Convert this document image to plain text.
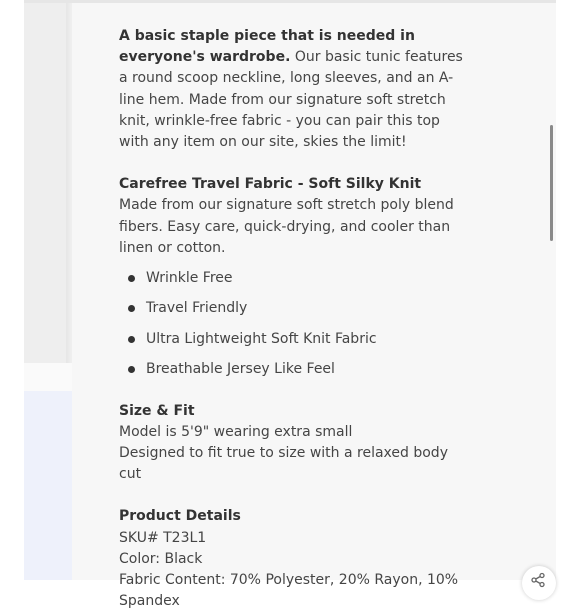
A basic staple piece that is needed in everyone's wardrobe. Our basic tunic features a round scoop neckline, long sleeves, and an A-line hem. Made from our signature soft stretch knit, wrinkle-free fabric - you can pair this top with any item on our site, skies the limit!

Carefree Travel Fabric - Soft Silky Knit

Made from our signature soft stretch poly blend fibers. Easy care, quick-drying, and cooler than linen or cotton.

Wrinkle Free
Travel Friendly
Ultra Lightweight Soft Knit Fabric
Breathable Jersey Like Feel
Size & Fit

Model is 5'9" wearing extra small

Designed to fit true to size with a relaxed body cut

Product Details

SKU# T23L1

Color: Black

Fabric Content: 70% Polyester, 20% Rayon, 10% Spandex
